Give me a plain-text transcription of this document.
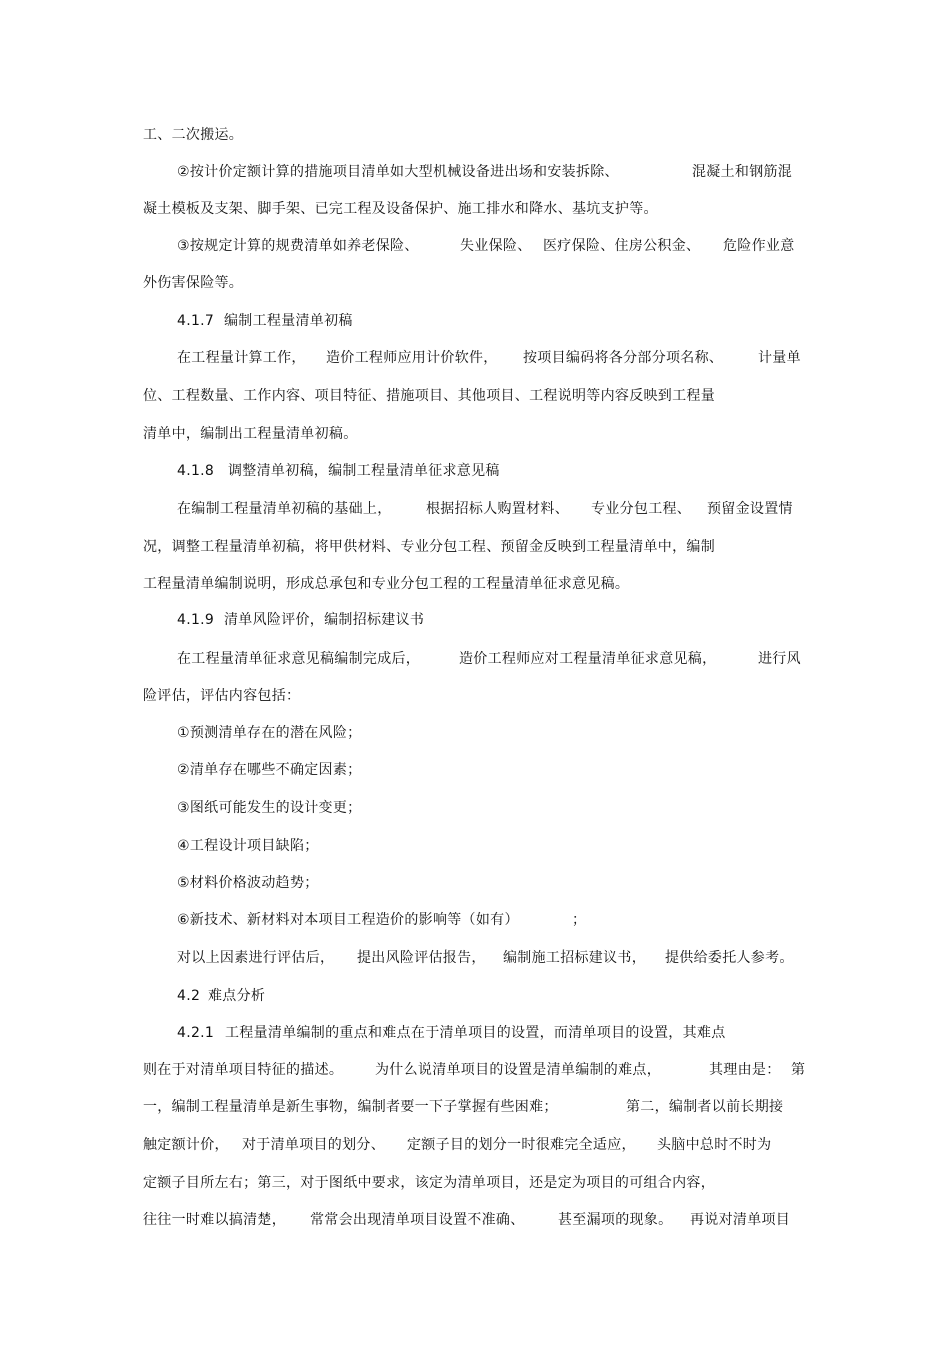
工、二次搬运。
②按计价定额计算的措施项目清单如大型机械设备进出场和安装拆除、	混凝土和钢筋混
凝土模板及支架、脚手架、已完工程及设备保护、施工排水和降水、基坑支护等。
③按规定计算的规费清单如养老保险、	失业保险、 医疗保险、住房公积金、 危险作业意
外伤害保险等。
4.1.7 编制工程量清单初稿
在工程量计算工作， 造价工程师应用计价软件， 按项目编码将各分部分项名称、 计量单
位、工程数量、工作内容、项目特征、措施项目、其他项目、工程说明等内容反映到工程量
清单中，编制出工程量清单初稿。
4.1.8 调整清单初稿，编制工程量清单征求意见稿
在编制工程量清单初稿的基础上， 根据招标人购置材料、 专业分包工程、 预留金设置情
况，调整工程量清单初稿，将甲供材料、专业分包工程、预留金反映到工程量清单中，编制
工程量清单编制说明，形成总承包和专业分包工程的工程量清单征求意见稿。
4.1.9 清单风险评价，编制招标建议书
在工程量清单征求意见稿编制完成后，	造价工程师应对工程量清单征求意见稿，	进行风
险评估，评估内容包括：
①预测清单存在的潜在风险；
②清单存在哪些不确定因素；
③图纸可能发生的设计变更；
④工程设计项目缺陷；
⑤材料价格波动趋势；
⑥新技术、新材料对本项目工程造价的影响等（如有）	；
对以上因素进行评估后， 提出风险评估报告， 编制施工招标建议书， 提供给委托人参考。
4.2 难点分析
4.2.1 工程量清单编制的重点和难点在于清单项目的设置，而清单项目的设置，其难点
则在于对清单项目特征的描述。 为什么说清单项目的设置是清单编制的难点，	其理由是： 第
一，编制工程量清单是新生事物，编制者要一下子掌握有些困难；	第二，编制者以前长期接
触定额计价， 对于清单项目的划分、 定额子目的划分一时很难完全适应， 头脑中总时不时为
定额子目所左右；第三，对于图纸中要求，该定为清单项目，还是定为项目的可组合内容，
往往一时难以搞清楚， 常常会出现清单项目设置不准确、 甚至漏项的现象。 再说对清单项目
